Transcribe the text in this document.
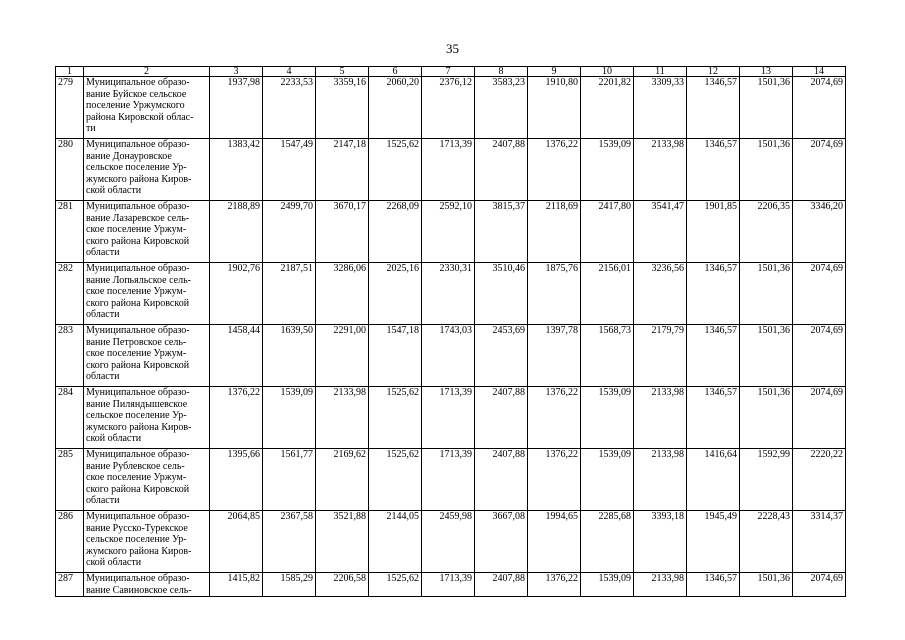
35
1	2	3	4	5	6	7	8	9	10	11	12	13	14
279	Муниципальное образо-
вание Буйское сельское
поселение Уржумского
района Кировской облас-
ти	1937,98	2233,53	3359,16	2060,20	2376,12	3583,23	1910,80	2201,82	3309,33	1346,57	1501,36	2074,69
280	Муниципальное образо-
вание Донауровское
сельское поселение Ур-
жумского района Киров-
ской области	1383,42	1547,49	2147,18	1525,62	1713,39	2407,88	1376,22	1539,09	2133,98	1346,57	1501,36	2074,69
281	Муниципальное образо-
вание Лазаревское сель-
ское поселение Уржум-
ского района Кировской
области	2188,89	2499,70	3670,17	2268,09	2592,10	3815,37	2118,69	2417,80	3541,47	1901,85	2206,35	3346,20
282	Муниципальное образо-
вание Лопьяльское сель-
ское поселение Уржум-
ского района Кировской
области	1902,76	2187,51	3286,06	2025,16	2330,31	3510,46	1875,76	2156,01	3236,56	1346,57	1501,36	2074,69
283	Муниципальное образо-
вание Петровское сель-
ское поселение Уржум-
ского района Кировской
области	1458,44	1639,50	2291,00	1547,18	1743,03	2453,69	1397,78	1568,73	2179,79	1346,57	1501,36	2074,69
284	Муниципальное образо-
вание Пиляндышевское
сельское поселение Ур-
жумского района Киров-
ской области	1376,22	1539,09	2133,98	1525,62	1713,39	2407,88	1376,22	1539,09	2133,98	1346,57	1501,36	2074,69
285	Муниципальное образо-
вание Рублевское сель-
ское поселение Уржум-
ского района Кировской
области	1395,66	1561,77	2169,62	1525,62	1713,39	2407,88	1376,22	1539,09	2133,98	1416,64	1592,99	2220,22
286	Муниципальное образо-
вание Русско-Турекское
сельское поселение Ур-
жумского района Киров-
ской области	2064,85	2367,58	3521,88	2144,05	2459,98	3667,08	1994,65	2285,68	3393,18	1945,49	2228,43	3314,37
287	Муниципальное образо-
вание Савиновское сель-	1415,82	1585,29	2206,58	1525,62	1713,39	2407,88	1376,22	1539,09	2133,98	1346,57	1501,36	2074,69
